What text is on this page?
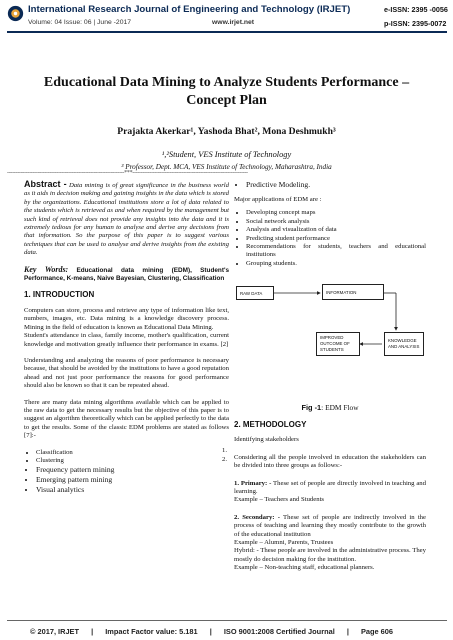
International Research Journal of Engineering and Technology (IRJET)
Volume: 04 Issue: 06 | June -2017	www.irjet.net
e-ISSN: 2395 -0056
p-ISSN: 2395-0072
Educational Data Mining to Analyze Students Performance – Concept Plan
Prajakta Akerkar¹, Yashoda Bhat², Mona Deshmukh³
¹,²Student, VES Institute of Technology
³ Professor, Dept. MCA, VES Institute of Technology, Maharashtra, India
---------------------------------------------------------------------***--------------------------------------------------------------------

Abstract - Data mining is of great significance in the business world as it aids in decision making and gaining insights in the data which is stored by the organizations. Educational institutions store a lot of data related to the students which is retrieved as and when required by the management but such kind of retrieval does not provide any insights into the data and it is extremely tedious for any human to analyse and derive any decisions from that information. So the purpose of this paper is to suggest various techniques that can be used to analyse and derive insights from the existing data.

Key Words: Educational data mining (EDM), Student's Performance, K-means, Naive Bayesian, Clustering, Classification

1. INTRODUCTION

Computers can store, process and retrieve any type of information like text, numbers, images, etc. Data mining is a knowledge discovery process. Mining in the field of education is known as Educational Data Mining.

Student's attendance in class, family income, mother's qualification, current knowledge and motivation greatly influence their performance in exams. [2]

Understanding and analyzing the reasons of poor performance is necessary because, that should be avoided by the institutions to have a good reputation ahead and not just poor performance the reasons for good performance should also be known so that it can be repeated ahead.

There are many data mining algorithms available which can be applied to the raw data to get the necessary results but the objective of this paper is to suggest an algorithm theoretically which can be applied perfectly to the data to get the results. Some of the classic EDM problems are stated as follows [7]:-

• Classification
• Clustering
• Frequency pattern mining
• Emerging pattern mining
• Visual analytics
1.
2.
• Predictive Modeling.

Major applications of EDM are :

• Developing concept maps
• Social network analysis
• Analysis and visualization of data
• Predicting student performance
• Recommendations for students, teachers and educational institutions
• Grouping students.
RAW DATA	INFORMATION
IMPROVED OUTCOME OF STUDENTS
KNOWLEDGE AND ANALYSIS
Fig -1: EDM Flow
2. METHODOLOGY

Identifying stakeholders

Considering all the people involved in education the stakeholders can be divided into three groups as follows:-

1. Primary: - These set of people are directly involved in teaching and learning.

Example – Teachers and Students

2. Secondary: - These set of people are indirectly involved in the process of teaching and learning they mostly contribute to the growth of the educational institution

Example – Alumni, Parents, Trustees

Hybrid: - These people are involved in the administrative process. They mostly do decision making for the institution.

Example – Non-teaching staff, educational planners.

© 2017, IRJET | Impact Factor value: 5.181 | ISO 9001:2008 Certified Journal | Page 606
